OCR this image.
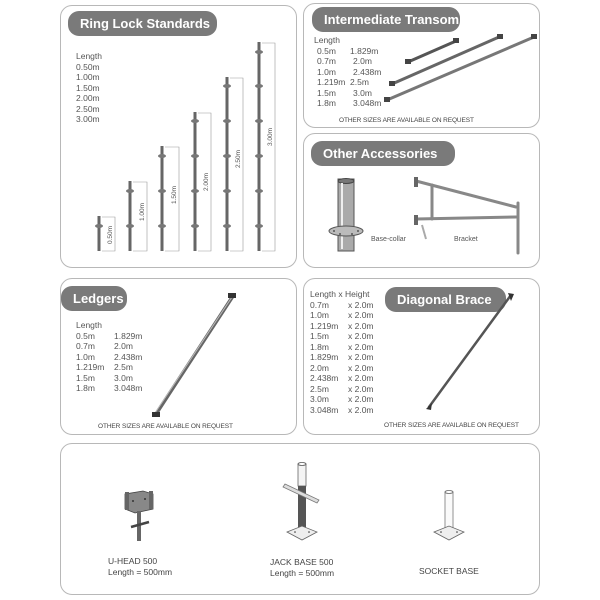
Ring Lock Standards
Length
0.50m
1.00m
1.50m
2.00m
2.50m
3.00m
0.50m
1.00m
1.50m
2.00m
2.50m
3.00m
Intermediate Transom
Length
0.5m 1.829m
0.7m 2.0m
1.0m 2.438m
1.219m 2.5m
1.5m 3.0m
1.8m 3.048m
OTHER SIZES ARE AVAILABLE ON REQUEST
Other Accessories
Base-collar	Bracket
Ledgers
Length
0.5m 1.829m
0.7m 2.0m
1.0m 2.438m
1.219m 2.5m
1.5m 3.0m
1.8m 3.048m
OTHER SIZES ARE AVAILABLE ON REQUEST
Length x Height
0.7m x 2.0m
1.0m x 2.0m
1.219m x 2.0m
1.5m x 2.0m
1.8m x 2.0m
1.829m x 2.0m
2.0m x 2.0m
2.438m x 2.0m
2.5m x 2.0m
3.0m x 2.0m
3.048m x 2.0m
Diagonal Brace
OTHER SIZES ARE AVAILABLE ON REQUEST
U-HEAD 500
Length = 500mm
JACK BASE 500
Length = 500mm	SOCKET BASE
